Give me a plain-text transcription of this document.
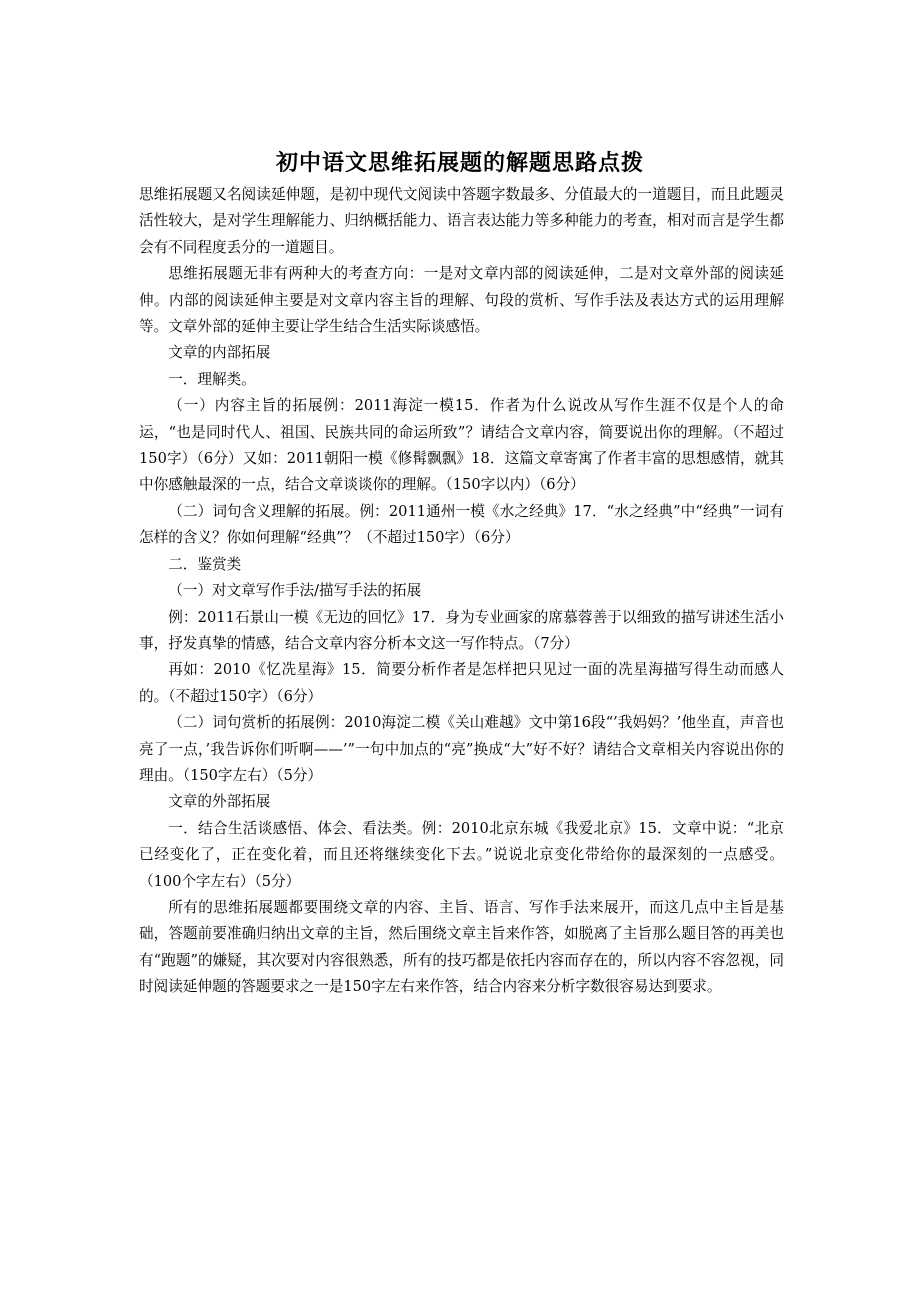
初中语文思维拓展题的解题思路点拨

思维拓展题又名阅读延伸题，是初中现代文阅读中答题字数最多、分值最大的一道题目，而且此题灵活性较大，是对学生理解能力、归纳概括能力、语言表达能力等多种能力的考查，相对而言是学生都会有不同程度丢分的一道题目。

思维拓展题无非有两种大的考查方向：一是对文章内部的阅读延伸，二是对文章外部的阅读延伸。内部的阅读延伸主要是对文章内容主旨的理解、句段的赏析、写作手法及表达方式的运用理解等。文章外部的延伸主要让学生结合生活实际谈感悟。

文章的内部拓展

一．理解类。

（一）内容主旨的拓展例：2011海淀一模15．作者为什么说改从写作生涯不仅是个人的命运，“也是同时代人、祖国、民族共同的命运所致”？请结合文章内容，简要说出你的理解。（不超过150字）（6分）又如：2011朝阳一模《修髯飘飘》18．这篇文章寄寓了作者丰富的思想感情，就其中你感触最深的一点，结合文章谈谈你的理解。（150字以内）（6分）

（二）词句含义理解的拓展。例：2011通州一模《水之经典》17．“水之经典”中“经典”一词有怎样的含义？你如何理解“经典”？（不超过150字）（6分）

二．鉴赏类

（一）对文章写作手法/描写手法的拓展

例：2011石景山一模《无边的回忆》17．身为专业画家的席慕蓉善于以细致的描写讲述生活小事，抒发真挚的情感，结合文章内容分析本文这一写作特点。（7分）

再如：2010《忆冼星海》15．简要分析作者是怎样把只见过一面的冼星海描写得生动而感人的。（不超过150字）（6分）

（二）词句赏析的拓展例：2010海淀二模《关山难越》文中第16段“’我妈妈？’他坐直，声音也亮了一点，’我告诉你们听啊——’”一句中加点的“亮”换成“大”好不好？请结合文章相关内容说出你的理由。（150字左右）（5分）

文章的外部拓展

一．结合生活谈感悟、体会、看法类。例：2010北京东城《我爱北京》15．文章中说：“北京已经变化了，正在变化着，而且还将继续变化下去。”说说北京变化带给你的最深刻的一点感受。（100个字左右）（5分）

所有的思维拓展题都要围绕文章的内容、主旨、语言、写作手法来展开，而这几点中主旨是基础，答题前要准确归纳出文章的主旨，然后围绕文章主旨来作答，如脱离了主旨那么题目答的再美也有“跑题”的嫌疑，其次要对内容很熟悉，所有的技巧都是依托内容而存在的，所以内容不容忽视，同时阅读延伸题的答题要求之一是150字左右来作答，结合内容来分析字数很容易达到要求。
